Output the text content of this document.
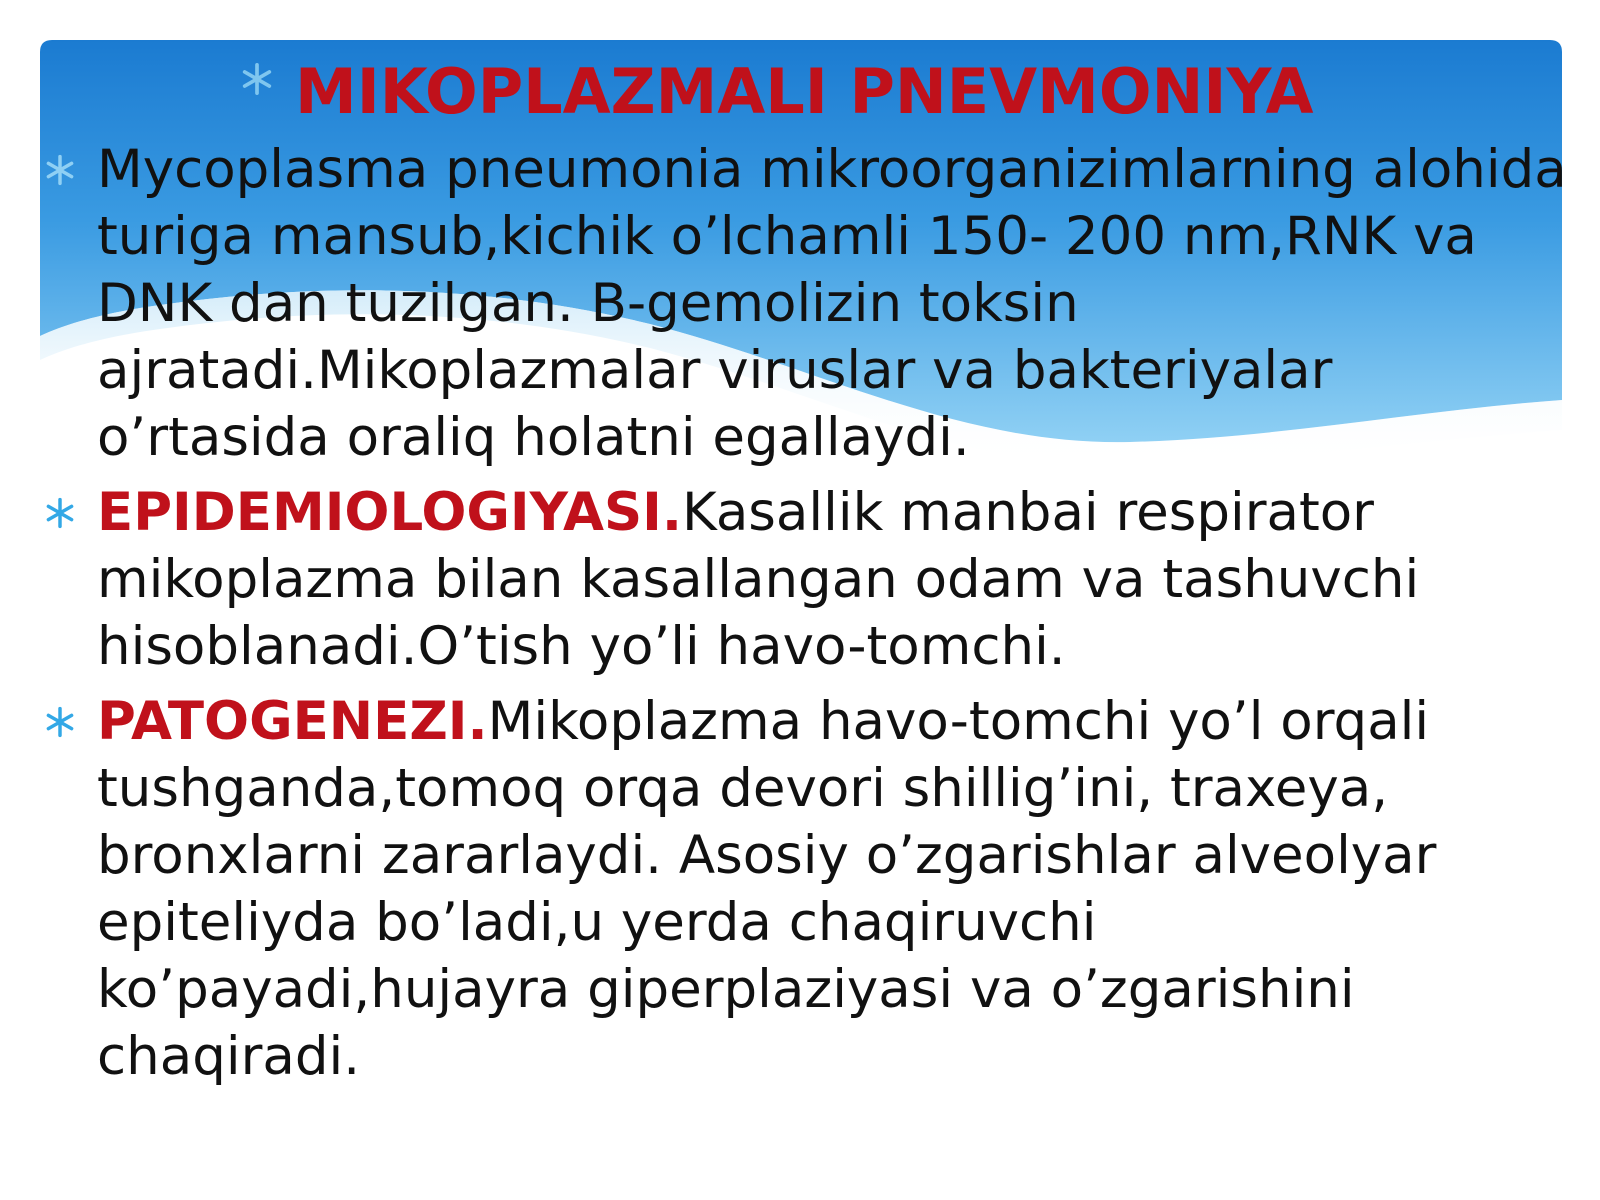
MIKOPLAZMALI PNEVMONIYA
Mycoplasma pneumonia mikroorganizimlarning alohida turiga mansub,kichik o’lchamli 150- 200 nm,RNK va DNK dan tuzilgan. B-gemolizin toksin ajratadi.Mikoplazmalar viruslar va bakteriyalar o’rtasida oraliq holatni egallaydi.
EPIDEMIOLOGIYASI.Kasallik manbai respirator mikoplazma bilan kasallangan odam va tashuvchi hisoblanadi.O’tish yo’li havo-tomchi.
PATOGENEZI.Mikoplazma havo-tomchi yo’l orqali tushganda,tomoq orqa devori shillig’ini, traxeya, bronxlarni zararlaydi. Asosiy o’zgarishlar alveolyar epiteliyda bo’ladi,u yerda chaqiruvchi ko’payadi,hujayra giperplaziyasi va o’zgarishini chaqiradi.
